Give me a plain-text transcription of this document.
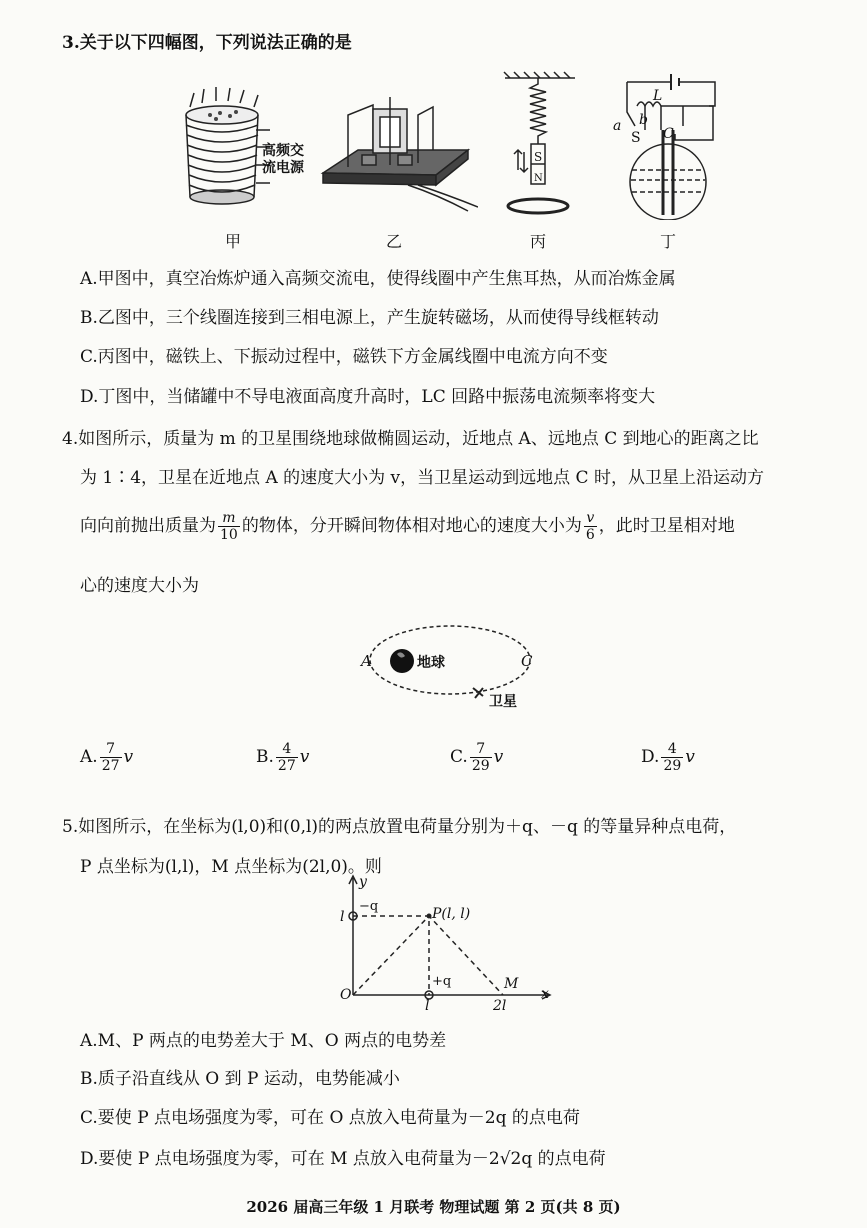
3.关于以下四幅图，下列说法正确的是
高频交
流电源
S
N
a b
L
S C
甲	乙	丙	丁
A.甲图中，真空冶炼炉通入高频交流电，使得线圈中产生焦耳热，从而冶炼金属
B.乙图中，三个线圈连接到三相电源上，产生旋转磁场，从而使得导线框转动
C.丙图中，磁铁上、下振动过程中，磁铁下方金属线圈中电流方向不变
D.丁图中，当储罐中不导电液面高度升高时，LC 回路中振荡电流频率将变大
4.如图所示，质量为 m 的卫星围绕地球做椭圆运动，近地点 A、远地点 C 到地心的距离之比
为 1∶4，卫星在近地点 A 的速度大小为 v，当卫星运动到远地点 C 时，从卫星上沿运动方
向向前抛出质量为 $\frac{m}{10}$ 的物体，分开瞬间物体相对地心的速度大小为 $\frac{v}{6}$ ，此时卫星相对地
心的速度大小为
A	C
地球
卫星
A. $\frac{7}{27}$ v	B. $\frac{4}{27}$ v	C. $\frac{7}{29}$ v	D. $\frac{4}{29}$ v
5.如图所示，在坐标为(l,0)和(0,l)的两点放置电荷量分别为＋q、－q 的等量异种点电荷，
P 点坐标为(l,l)，M 点坐标为(2l,0)。则
y
x
O
l
l	2l
−q
+q
P(l, l)
M
A.M、P 两点的电势差大于 M、O 两点的电势差
B.质子沿直线从 O 到 P 运动，电势能减小
C.要使 P 点电场强度为零，可在 O 点放入电荷量为－2q 的点电荷
D.要使 P 点电场强度为零，可在 M 点放入电荷量为－2√2q 的点电荷
2026 届高三年级 1 月联考 物理试题 第 2 页(共 8 页)
